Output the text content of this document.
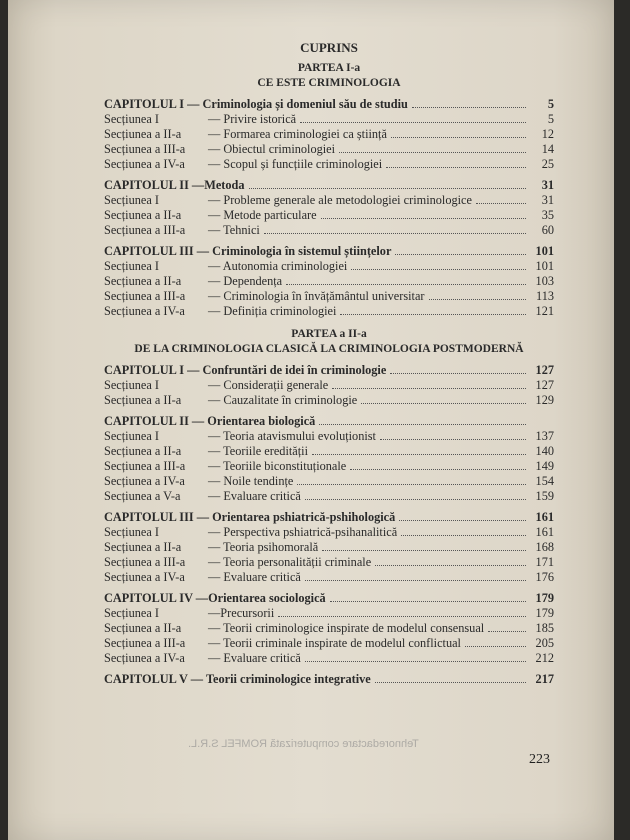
CUPRINS
PARTEA I-a
CE ESTE CRIMINOLOGIA
CAPITOLUL I — Criminologia și domeniul său de studiu	5
Secțiunea I	— Privire istorică	5
Secțiunea a II-a	— Formarea criminologiei ca știință	12
Secțiunea a III-a	— Obiectul criminologiei	14
Secțiunea a IV-a	— Scopul și funcțiile criminologiei	25
CAPITOLUL II —Metoda	31
Secțiunea I	— Probleme generale ale metodologiei criminologice	31
Secțiunea a II-a	— Metode particulare	35
Secțiunea a III-a	— Tehnici	60
CAPITOLUL III — Criminologia în sistemul științelor	101
Secțiunea I	— Autonomia criminologiei	101
Secțiunea a II-a	— Dependența	103
Secțiunea a III-a	— Criminologia în învățământul universitar	113
Secțiunea a IV-a	— Definiția criminologiei	121
PARTEA a II-a
DE LA CRIMINOLOGIA CLASICĂ LA CRIMINOLOGIA POSTMODERNĂ
CAPITOLUL I — Confruntări de idei în criminologie	127
Secțiunea I	— Considerații generale	127
Secțiunea a II-a	— Cauzalitate în criminologie	129
CAPITOLUL II — Orientarea biologică
Secțiunea I	— Teoria atavismului evoluționist	137
Secțiunea a II-a	— Teoriile eredității	140
Secțiunea a III-a	— Teoriile biconstituționale	149
Secțiunea a IV-a	— Noile tendințe	154
Secțiunea a V-a	— Evaluare critică	159
CAPITOLUL III — Orientarea pshiatrică-pshihologică	161
Secțiunea I	— Perspectiva pshiatrică-psihanalitică	161
Secțiunea a II-a	— Teoria psihomorală	168
Secțiunea a III-a	— Teoria personalității criminale	171
Secțiunea a IV-a	— Evaluare critică	176
CAPITOLUL IV —Orientarea sociologică	179
Secțiunea I	—Precursorii	179
Secțiunea a II-a	— Teorii criminologice inspirate de modelul consensual	185
Secțiunea a III-a	— Teorii criminale inspirate de modelul conflictual	205
Secțiunea a IV-a	— Evaluare critică	212
CAPITOLUL V — Teorii criminologice integrative	217
Tehnoredactare computerizată ROMFEL S.R.L.
223
